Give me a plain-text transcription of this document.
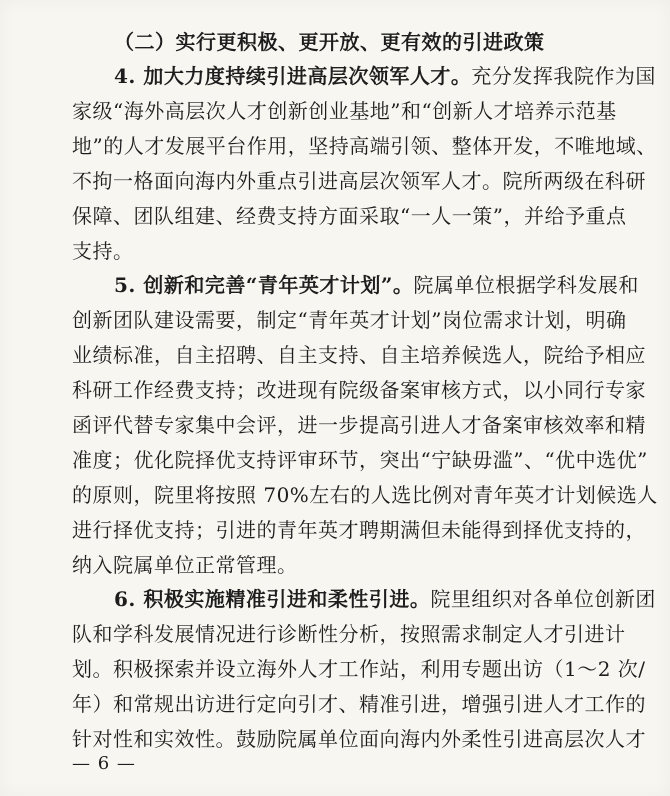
（二）实行更积极、更开放、更有效的引进政策
4. 加大力度持续引进高层次领军人才。充分发挥我院作为国
家级“海外高层次人才创新创业基地”和“创新人才培养示范基
地”的人才发展平台作用，坚持高端引领、整体开发，不唯地域、
不拘一格面向海内外重点引进高层次领军人才。院所两级在科研
保障、团队组建、经费支持方面采取“一人一策”，并给予重点
支持。
5. 创新和完善“青年英才计划”。院属单位根据学科发展和
创新团队建设需要，制定“青年英才计划”岗位需求计划，明确
业绩标准，自主招聘、自主支持、自主培养候选人，院给予相应
科研工作经费支持；改进现有院级备案审核方式，以小同行专家
函评代替专家集中会评，进一步提高引进人才备案审核效率和精
准度；优化院择优支持评审环节，突出“宁缺毋滥”、“优中选优”
的原则，院里将按照 70%左右的人选比例对青年英才计划候选人
进行择优支持；引进的青年英才聘期满但未能得到择优支持的，
纳入院属单位正常管理。
6. 积极实施精准引进和柔性引进。院里组织对各单位创新团
队和学科发展情况进行诊断性分析，按照需求制定人才引进计
划。积极探索并设立海外人才工作站，利用专题出访（1～2 次/
年）和常规出访进行定向引才、精准引进，增强引进人才工作的
针对性和实效性。鼓励院属单位面向海内外柔性引进高层次人才
— 6 —
